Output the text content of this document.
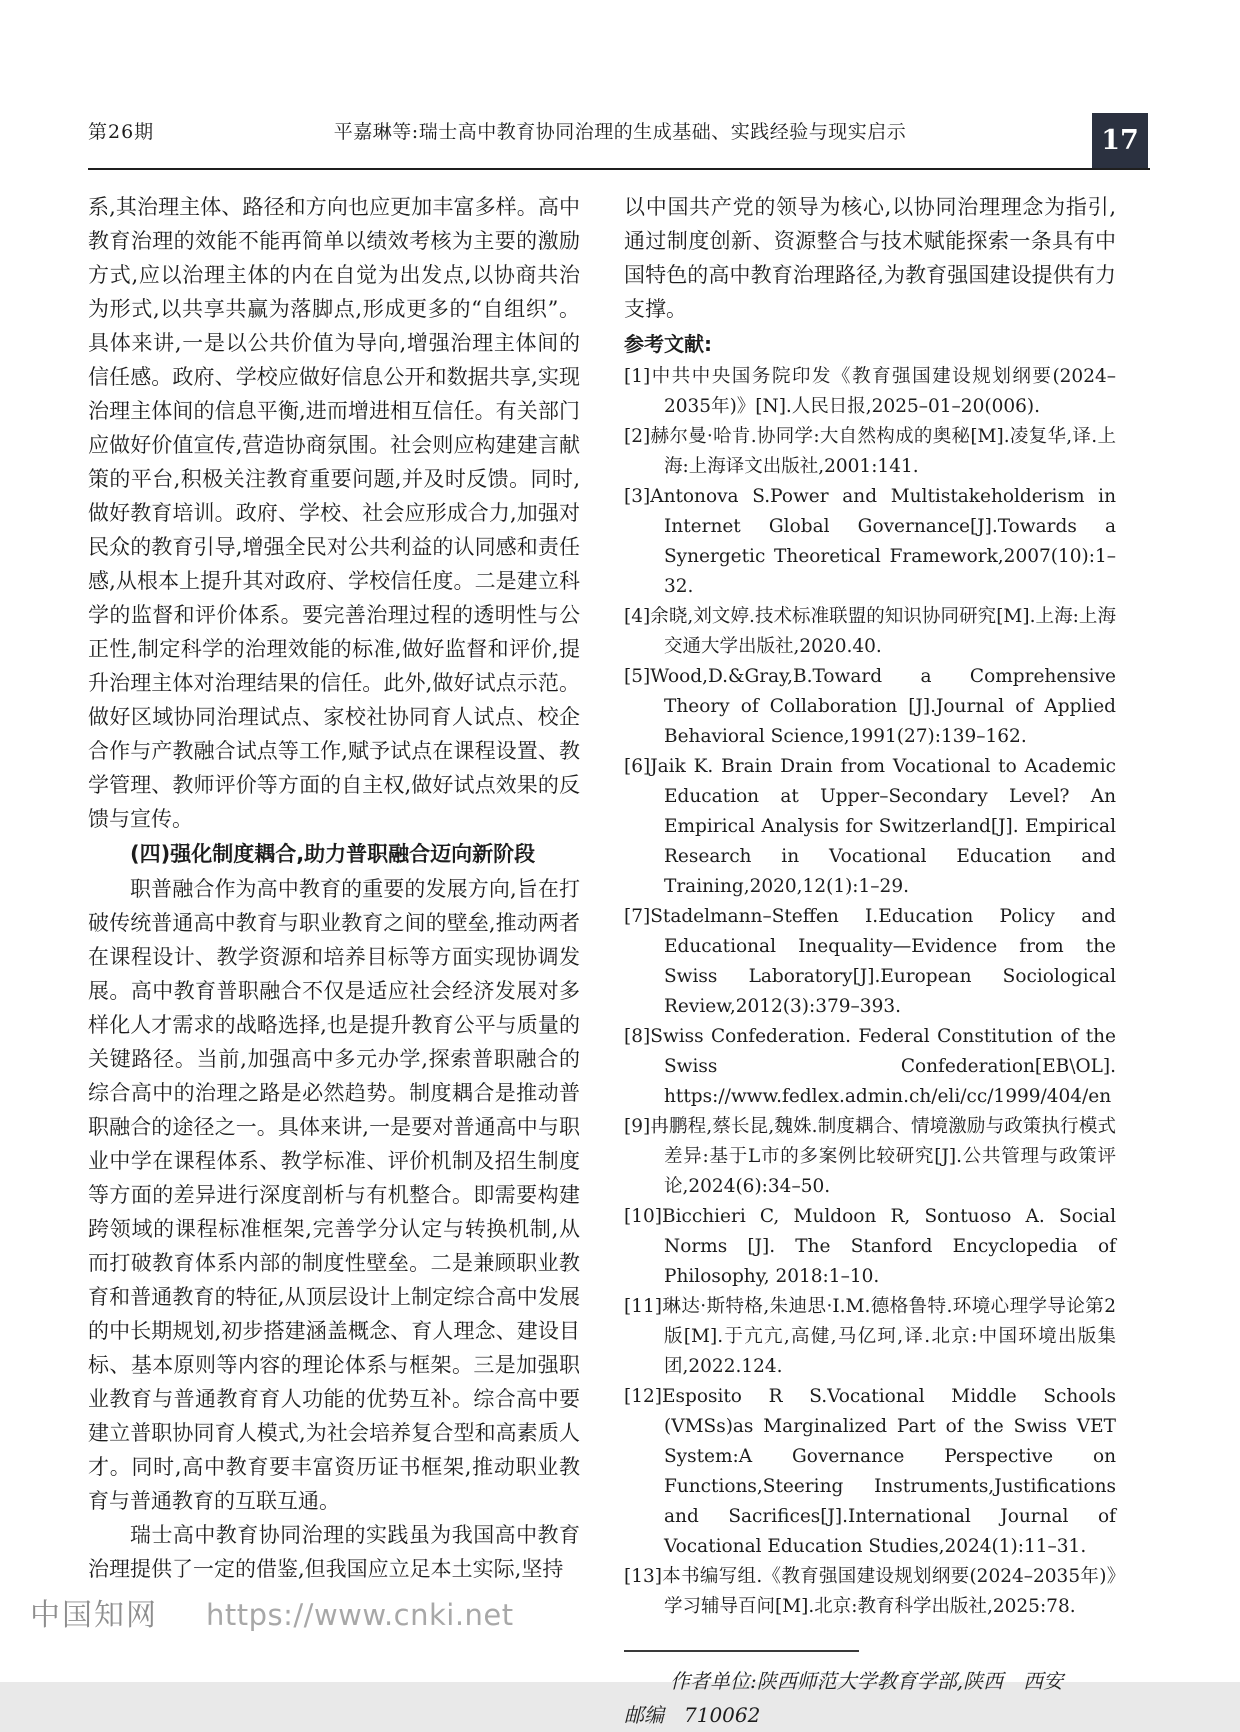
第26期	平嘉琳等:瑞士高中教育协同治理的生成基础、实践经验与现实启示	17

系,其治理主体、路径和方向也应更加丰富多样。高中教育治理的效能不能再简单以绩效考核为主要的激励方式,应以治理主体的内在自觉为出发点,以协商共治为形式,以共享共赢为落脚点,形成更多的“自组织”。具体来讲,一是以公共价值为导向,增强治理主体间的信任感。政府、学校应做好信息公开和数据共享,实现治理主体间的信息平衡,进而增进相互信任。有关部门应做好价值宣传,营造协商氛围。社会则应构建建言献策的平台,积极关注教育重要问题,并及时反馈。同时,做好教育培训。政府、学校、社会应形成合力,加强对民众的教育引导,增强全民对公共利益的认同感和责任感,从根本上提升其对政府、学校信任度。二是建立科学的监督和评价体系。要完善治理过程的透明性与公正性,制定科学的治理效能的标准,做好监督和评价,提升治理主体对治理结果的信任。此外,做好试点示范。做好区域协同治理试点、家校社协同育人试点、校企合作与产教融合试点等工作,赋予试点在课程设置、教学管理、教师评价等方面的自主权,做好试点效果的反馈与宣传。

(四)强化制度耦合,助力普职融合迈向新阶段

职普融合作为高中教育的重要的发展方向,旨在打破传统普通高中教育与职业教育之间的壁垒,推动两者在课程设计、教学资源和培养目标等方面实现协调发展。高中教育普职融合不仅是适应社会经济发展对多样化人才需求的战略选择,也是提升教育公平与质量的关键路径。当前,加强高中多元办学,探索普职融合的综合高中的治理之路是必然趋势。制度耦合是推动普职融合的途径之一。具体来讲,一是要对普通高中与职业中学在课程体系、教学标准、评价机制及招生制度等方面的差异进行深度剖析与有机整合。即需要构建跨领域的课程标准框架,完善学分认定与转换机制,从而打破教育体系内部的制度性壁垒。二是兼顾职业教育和普通教育的特征,从顶层设计上制定综合高中发展的中长期规划,初步搭建涵盖概念、育人理念、建设目标、基本原则等内容的理论体系与框架。三是加强职业教育与普通教育育人功能的优势互补。综合高中要建立普职协同育人模式,为社会培养复合型和高素质人才。同时,高中教育要丰富资历证书框架,推动职业教育与普通教育的互联互通。

瑞士高中教育协同治理的实践虽为我国高中教育治理提供了一定的借鉴,但我国应立足本土实际,坚持

以中国共产党的领导为核心,以协同治理理念为指引,通过制度创新、资源整合与技术赋能探索一条具有中国特色的高中教育治理路径,为教育强国建设提供有力支撑。

参考文献:

[1]中共中央国务院印发《教育强国建设规划纲要(2024–2035年)》[N].人民日报,2025–01–20(006).

[2]赫尔曼·哈肯.协同学:大自然构成的奥秘[M].凌复华,译.上海:上海译文出版社,2001:141.

[3]Antonova S.Power and Multistakeholderism in Internet Global Governance[J].Towards a Synergetic Theoretical Framework,2007(10):1–32.

[4]余晓,刘文婷.技术标准联盟的知识协同研究[M].上海:上海交通大学出版社,2020.40.

[5]Wood,D.&Gray,B.Toward a Comprehensive Theory of Collaboration [J].Journal of Applied Behavioral Science,1991(27):139–162.

[6]Jaik K. Brain Drain from Vocational to Academic Education at Upper–Secondary Level? An Empirical Analysis for Switzerland[J]. Empirical Research in Vocational Education and Training,2020,12(1):1–29.

[7]Stadelmann–Steffen I.Education Policy and Educational Inequality—Evidence from the Swiss Laboratory[J].European Sociological Review,2012(3):379–393.

[8]Swiss Confederation. Federal Constitution of the Swiss Confederation[EB\OL]. https://www.fedlex.admin.ch/eli/cc/1999/404/en

[9]冉鹏程,蔡长昆,魏姝.制度耦合、情境激励与政策执行模式差异:基于L市的多案例比较研究[J].公共管理与政策评论,2024(6):34–50.

[10]Bicchieri C, Muldoon R, Sontuoso A. Social Norms [J]. The Stanford Encyclopedia of Philosophy, 2018:1–10.

[11]琳达·斯特格,朱迪思·I.M.德格鲁特.环境心理学导论第2版[M].于亢亢,高健,马亿珂,译.北京:中国环境出版集团,2022.124.

[12]Esposito R S.Vocational Middle Schools (VMSs)as Marginalized Part of the Swiss VET System:A Governance Perspective on Functions,Steering Instruments,Justifications and Sacrifices[J].International Journal of Vocational Education Studies,2024(1):11–31.

[13]本书编写组.《教育强国建设规划纲要(2024–2035年)》学习辅导百问[M].北京:教育科学出版社,2025:78.

作者单位:陕西师范大学教育学部,陕西　西安

邮编　710062

中国知网 https://www.cnki.net
